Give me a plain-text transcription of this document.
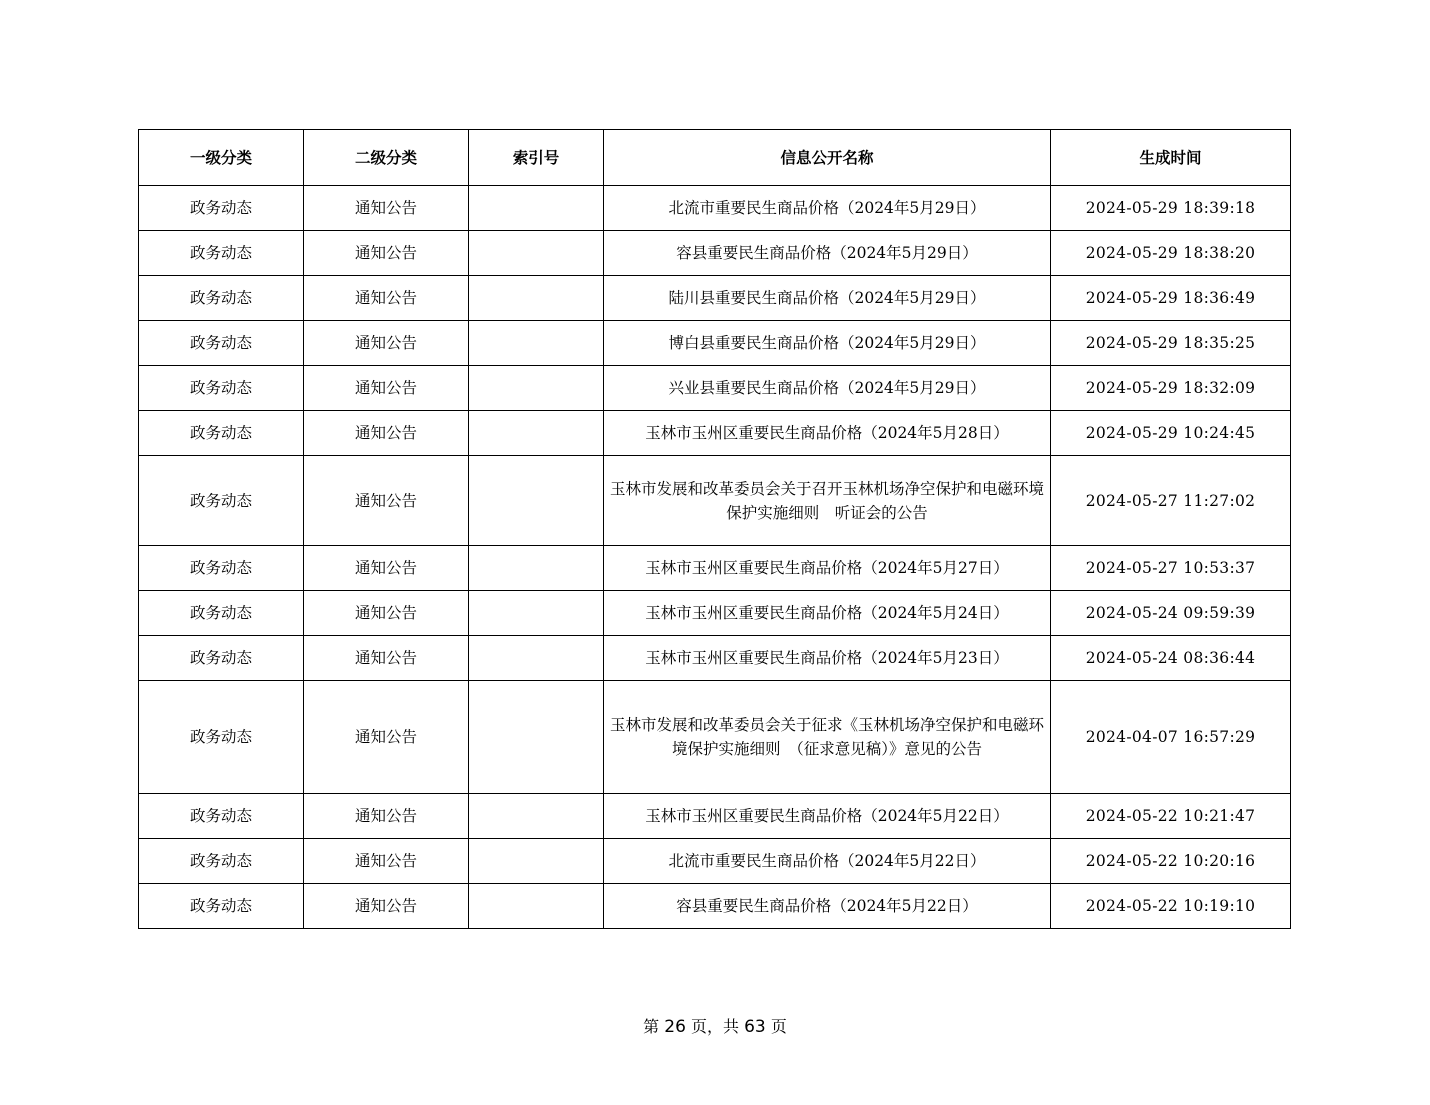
一级分类	二级分类	索引号	信息公开名称	生成时间
政务动态	通知公告		北流市重要民生商品价格（2024年5月29日）	2024-05-29 18:39:18
政务动态	通知公告		容县重要民生商品价格（2024年5月29日）	2024-05-29 18:38:20
政务动态	通知公告		陆川县重要民生商品价格（2024年5月29日）	2024-05-29 18:36:49
政务动态	通知公告		博白县重要民生商品价格（2024年5月29日）	2024-05-29 18:35:25
政务动态	通知公告		兴业县重要民生商品价格（2024年5月29日）	2024-05-29 18:32:09
政务动态	通知公告		玉林市玉州区重要民生商品价格（2024年5月28日）	2024-05-29 10:24:45
政务动态	通知公告		玉林市发展和改革委员会关于召开玉林机场净空保护和电磁环境保护实施细则　听证会的公告	2024-05-27 11:27:02
政务动态	通知公告		玉林市玉州区重要民生商品价格（2024年5月27日）	2024-05-27 10:53:37
政务动态	通知公告		玉林市玉州区重要民生商品价格（2024年5月24日）	2024-05-24 09:59:39
政务动态	通知公告		玉林市玉州区重要民生商品价格（2024年5月23日）	2024-05-24 08:36:44
政务动态	通知公告		玉林市发展和改革委员会关于征求《玉林机场净空保护和电磁环境保护实施细则　（征求意见稿）》意见的公告	2024-04-07 16:57:29
政务动态	通知公告		玉林市玉州区重要民生商品价格（2024年5月22日）	2024-05-22 10:21:47
政务动态	通知公告		北流市重要民生商品价格（2024年5月22日）	2024-05-22 10:20:16
政务动态	通知公告		容县重要民生商品价格（2024年5月22日）	2024-05-22 10:19:10
第 26 页，共 63 页
